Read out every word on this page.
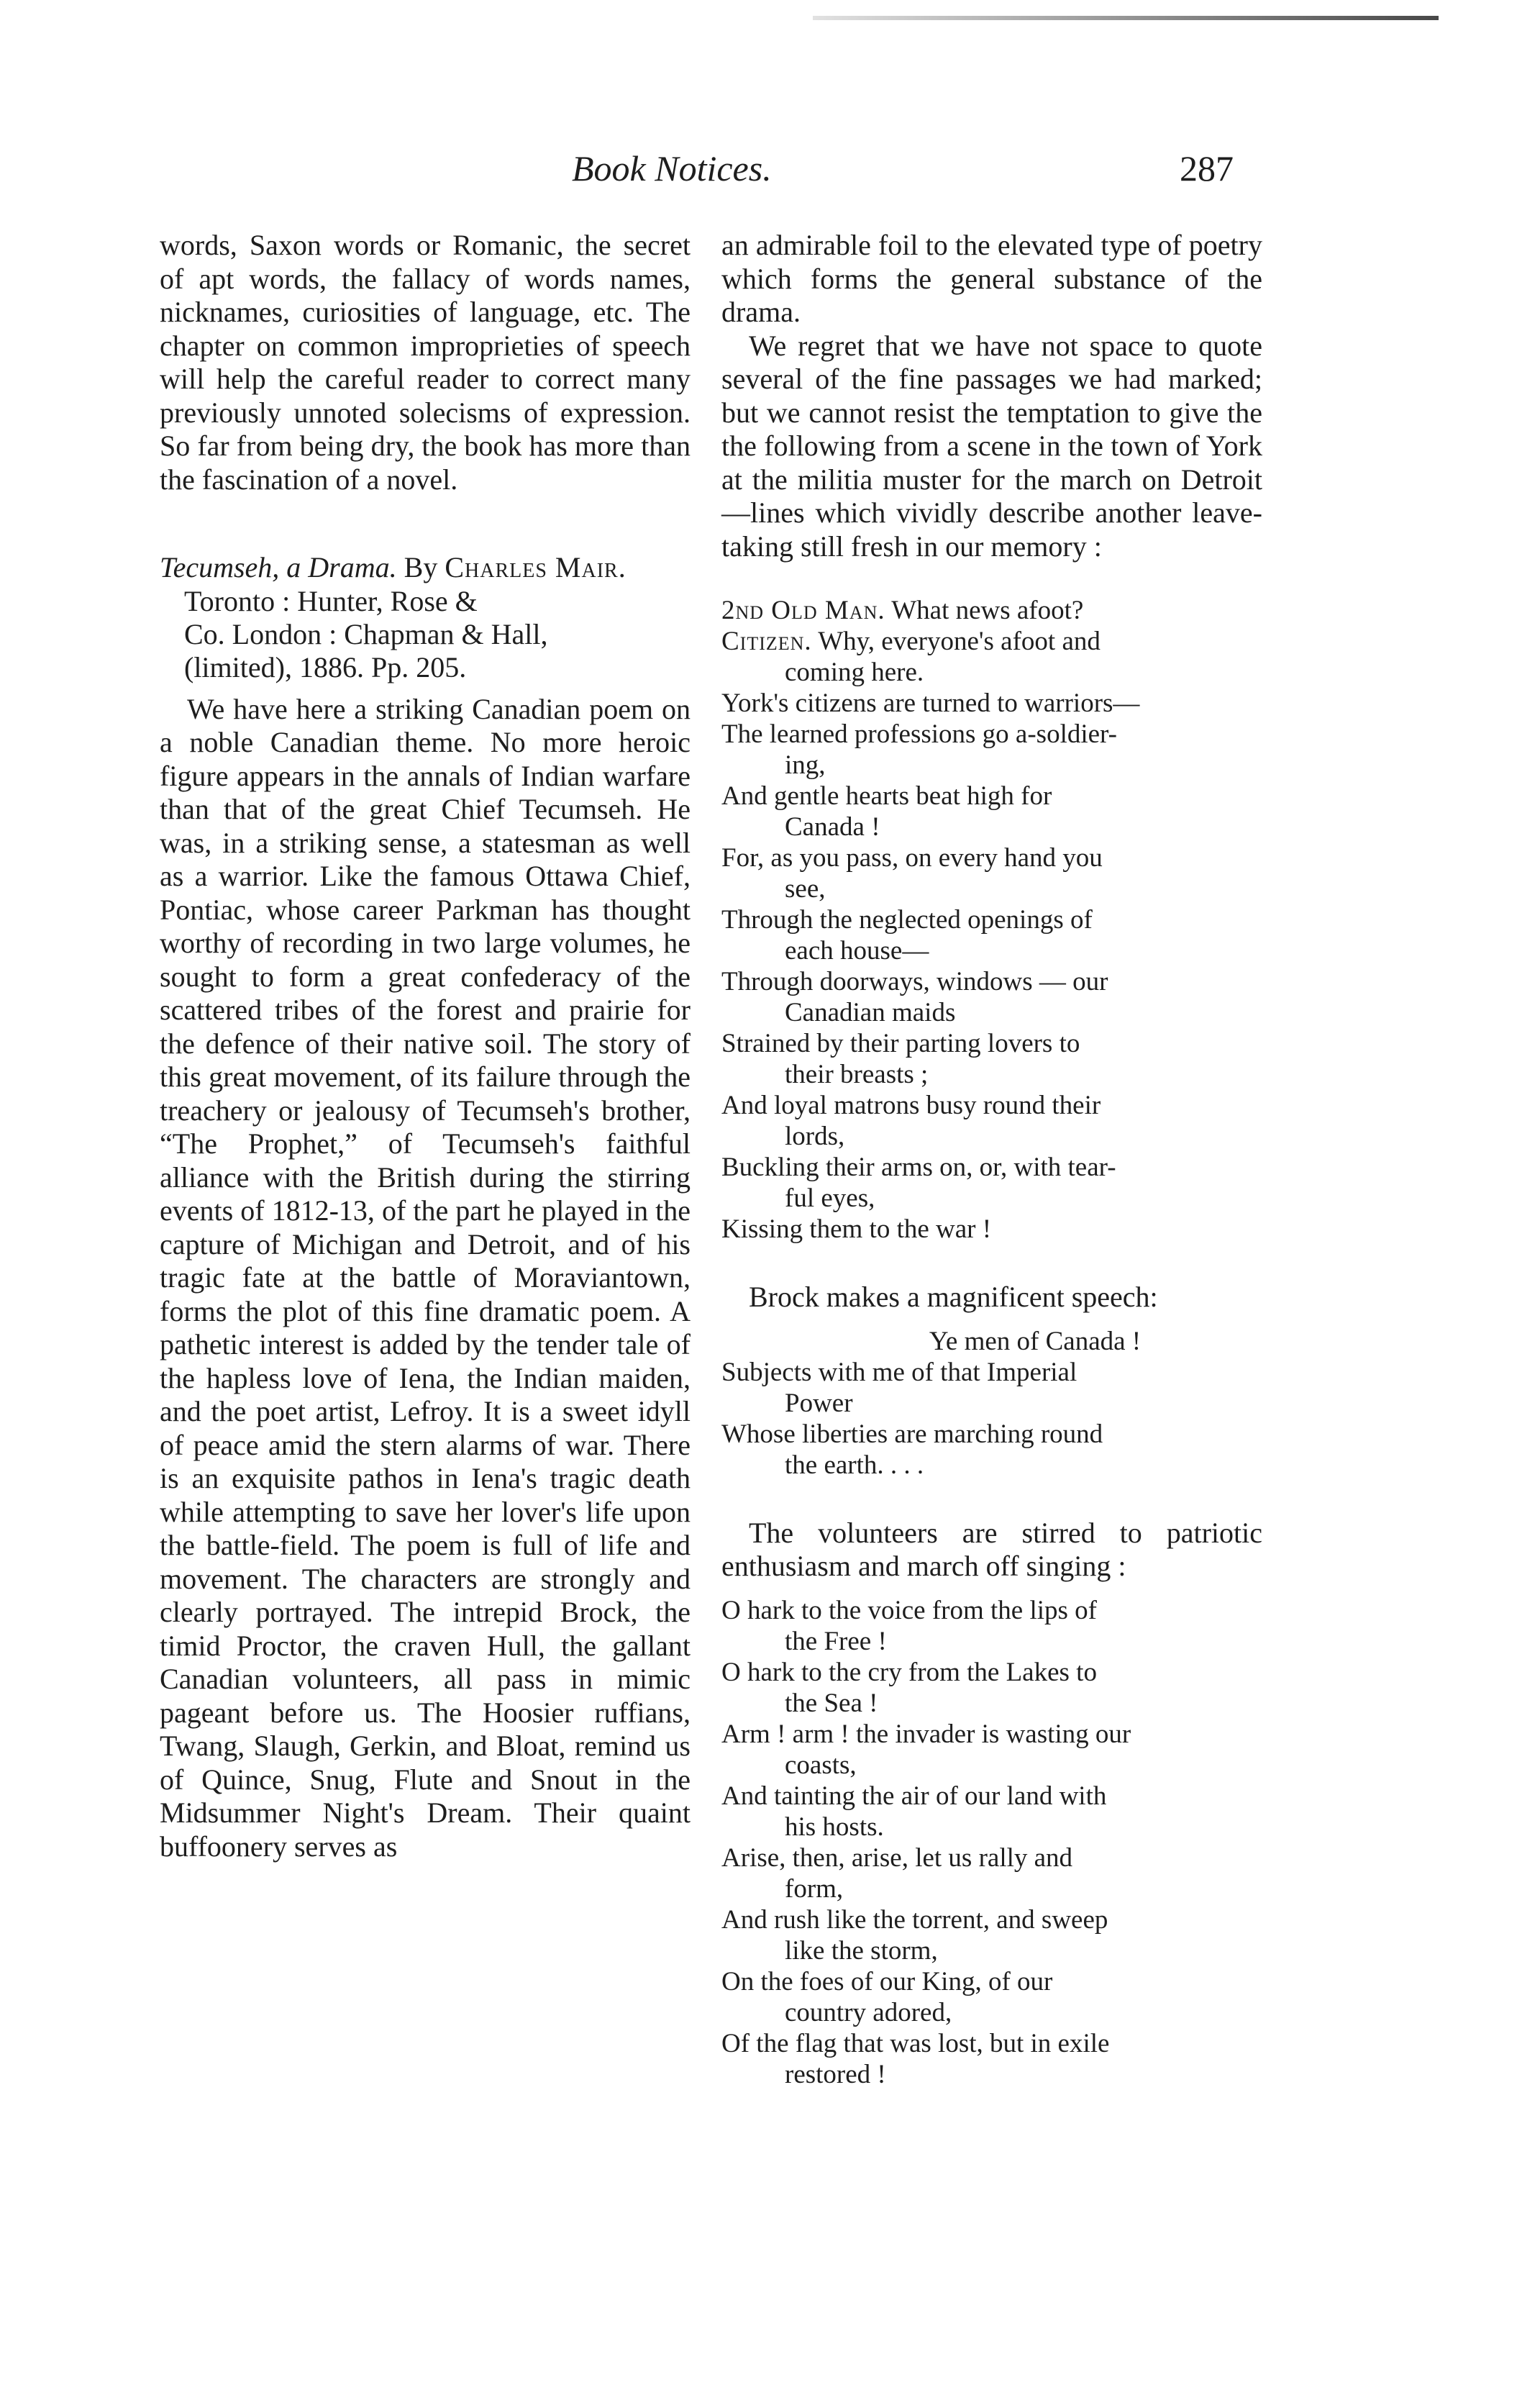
Book Notices.	287

words, Saxon words or Romanic, the secret of apt words, the fallacy of words names, nicknames, curiosities of language, etc. The chapter on common improprieties of speech will help the careful reader to correct many previously unnoted solecisms of expression. So far from being dry, the book has more than the fascination of a novel.

Tecumseh, a Drama. By Charles Mair.
Toronto : Hunter, Rose &
Co. London : Chapman & Hall,
(limited), 1886. Pp. 205.

We have here a striking Canadian poem on a noble Canadian theme. No more heroic figure appears in the annals of Indian warfare than that of the great Chief Tecumseh. He was, in a striking sense, a statesman as well as a warrior. Like the famous Ottawa Chief, Pontiac, whose career Parkman has thought worthy of recording in two large volumes, he sought to form a great confederacy of the scattered tribes of the forest and prairie for the defence of their native soil. The story of this great movement, of its failure through the treachery or jealousy of Tecumseh's brother, “The Prophet,” of Tecumseh's faithful alliance with the British during the stirring events of 1812-13, of the part he played in the capture of Michigan and Detroit, and of his tragic fate at the battle of Moraviantown, forms the plot of this fine dramatic poem. A pathetic interest is added by the tender tale of the hapless love of Iena, the Indian maiden, and the poet artist, Lefroy. It is a sweet idyll of peace amid the stern alarms of war. There is an exquisite pathos in Iena's tragic death while attempting to save her lover's life upon the battle-field. The poem is full of life and movement. The characters are strongly and clearly portrayed. The intrepid Brock, the timid Proctor, the craven Hull, the gallant Canadian volunteers, all pass in mimic pageant before us. The Hoosier ruffians, Twang, Slaugh, Gerkin, and Bloat, remind us of Quince, Snug, Flute and Snout in the Midsummer Night's Dream. Their quaint buffoonery serves as

an admirable foil to the elevated type of poetry which forms the general substance of the drama.

We regret that we have not space to quote several of the fine passages we had marked; but we cannot resist the temptation to give the the following from a scene in the town of York at the militia muster for the march on Detroit—lines which vividly describe another leave-taking still fresh in our memory :

2nd Old Man. What news afoot?
Citizen. Why, everyone's afoot and
coming here.
York's citizens are turned to warriors—
The learned professions go a-soldier-
ing,
And gentle hearts beat high for
Canada !
For, as you pass, on every hand you
see,
Through the neglected openings of
each house—
Through doorways, windows — our
Canadian maids
Strained by their parting lovers to
their breasts ;
And loyal matrons busy round their
lords,
Buckling their arms on, or, with tear-
ful eyes,
Kissing them to the war !

Brock makes a magnificent speech:

Ye men of Canada !
Subjects with me of that Imperial
Power
Whose liberties are marching round
the earth. . . .

The volunteers are stirred to patriotic enthusiasm and march off singing :

O hark to the voice from the lips of
the Free !
O hark to the cry from the Lakes to
the Sea !
Arm ! arm ! the invader is wasting our
coasts,
And tainting the air of our land with
his hosts.
Arise, then, arise, let us rally and
form,
And rush like the torrent, and sweep
like the storm,
On the foes of our King, of our
country adored,
Of the flag that was lost, but in exile
restored !
